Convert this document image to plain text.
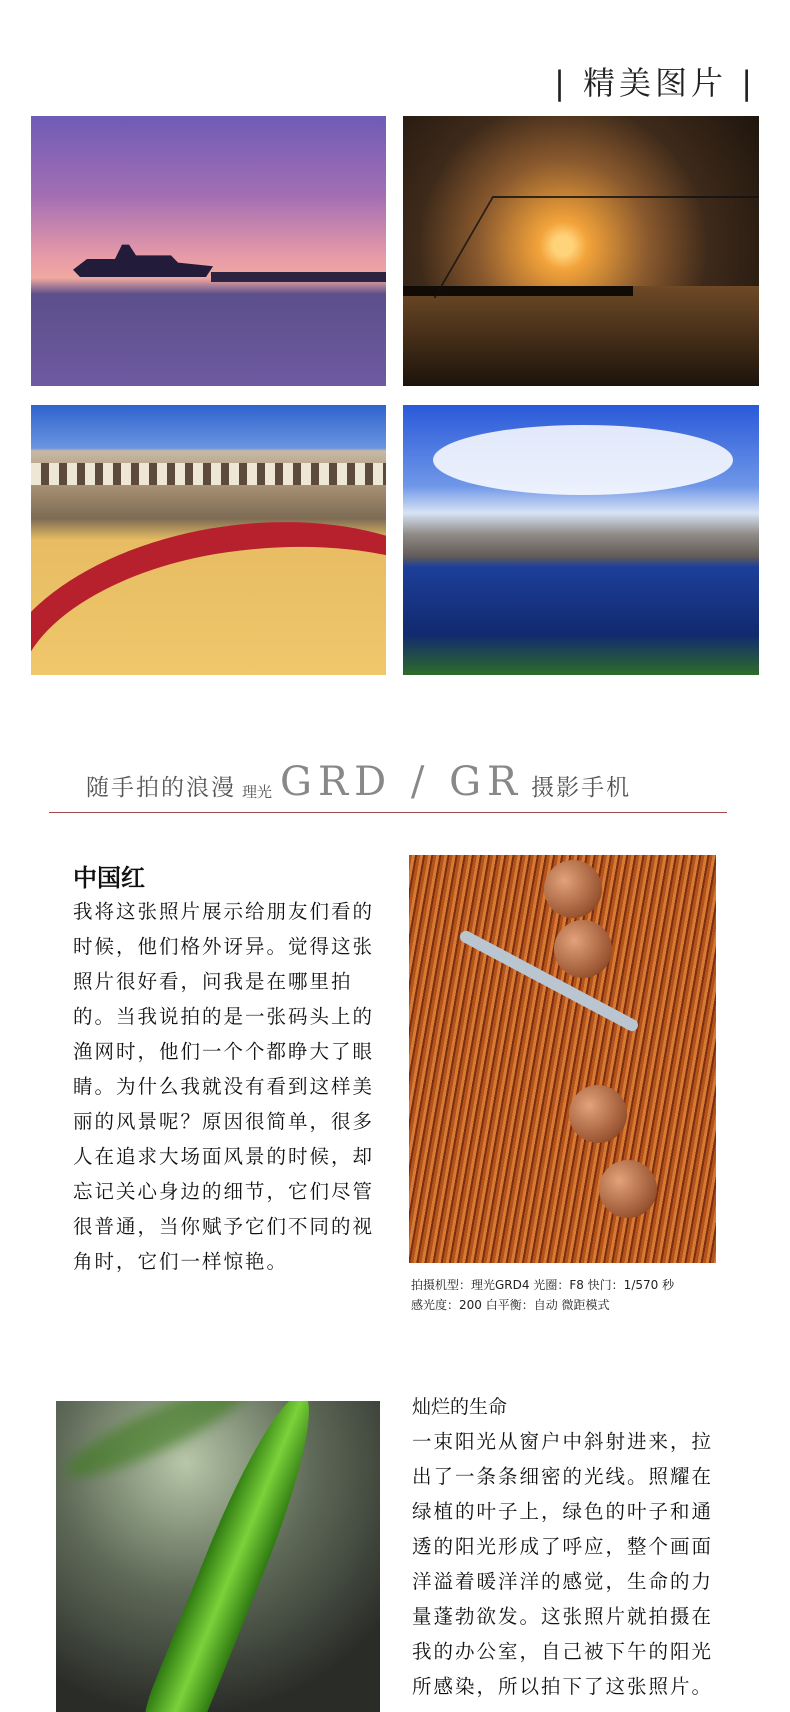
| 精美图片 |
随手拍的浪漫 理光 GRD / GR 摄影手机
中国红
我将这张照片展示给朋友们看的
时候，他们格外讶异。觉得这张
照片很好看，问我是在哪里拍
的。当我说拍的是一张码头上的
渔网时，他们一个个都睁大了眼
睛。为什么我就没有看到这样美
丽的风景呢？原因很简单，很多
人在追求大场面风景的时候，却
忘记关心身边的细节，它们尽管
很普通，当你赋予它们不同的视
角时，它们一样惊艳。
拍摄机型：理光GRD4 光圈：F8 快门：1/570 秒
感光度：200 白平衡：自动 微距模式
灿烂的生命
一束阳光从窗户中斜射进来，拉
出了一条条细密的光线。照耀在
绿植的叶子上，绿色的叶子和通
透的阳光形成了呼应，整个画面
洋溢着暖洋洋的感觉，生命的力
量蓬勃欲发。这张照片就拍摄在
我的办公室，自己被下午的阳光
所感染，所以拍下了这张照片。
